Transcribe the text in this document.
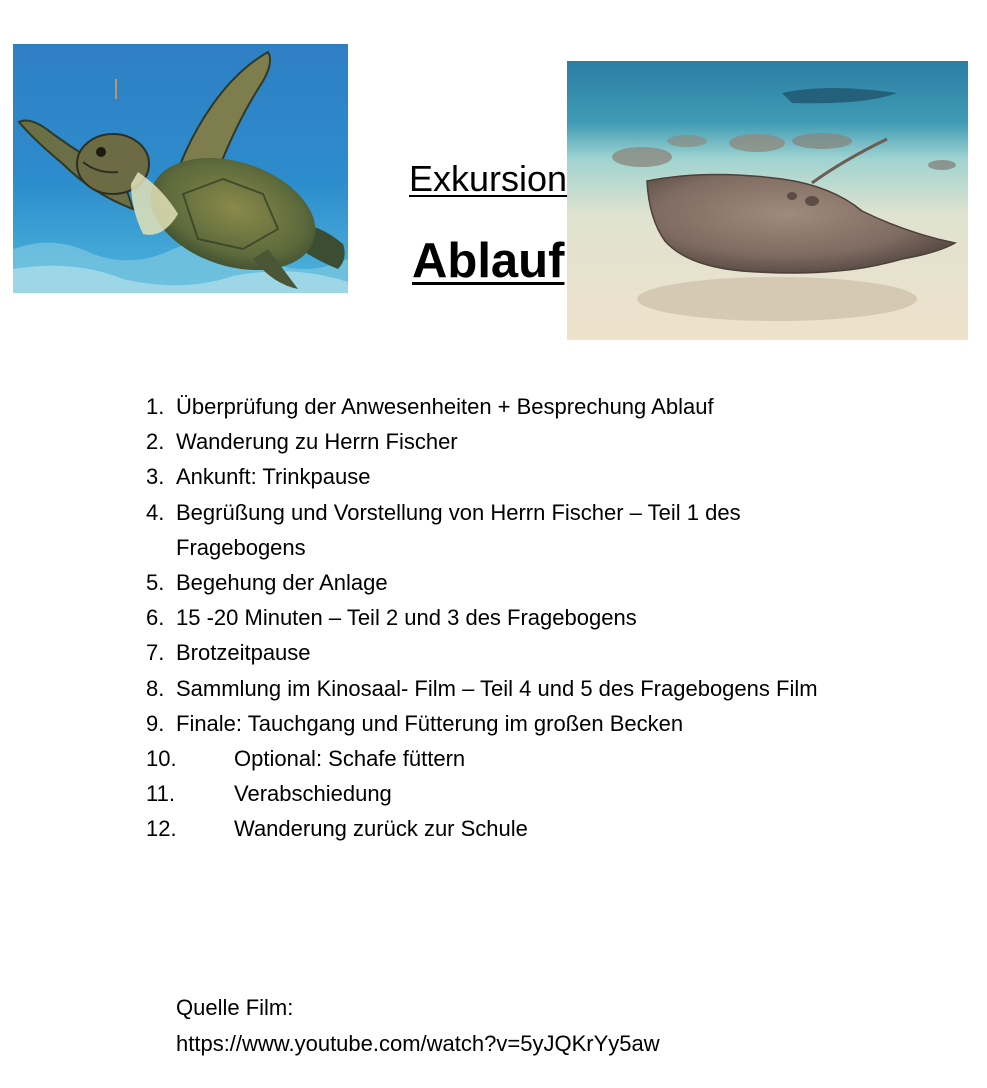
Exkursion
Ablauf
1. Überprüfung der Anwesenheiten + Besprechung Ablauf
2. Wanderung zu Herrn Fischer
3. Ankunft: Trinkpause
4. Begrüßung und Vorstellung von Herrn Fischer – Teil 1 des Fragebogens
5. Begehung der Anlage
6. 15 -20 Minuten – Teil 2 und 3 des Fragebogens
7. Brotzeitpause
8. Sammlung im Kinosaal- Film – Teil 4 und 5 des Fragebogens Film
9. Finale: Tauchgang und Fütterung im großen Becken
10.	Optional: Schafe füttern
11.	Verabschiedung
12.	Wanderung zurück zur Schule
Quelle Film:
https://www.youtube.com/watch?v=5yJQKrYy5aw
